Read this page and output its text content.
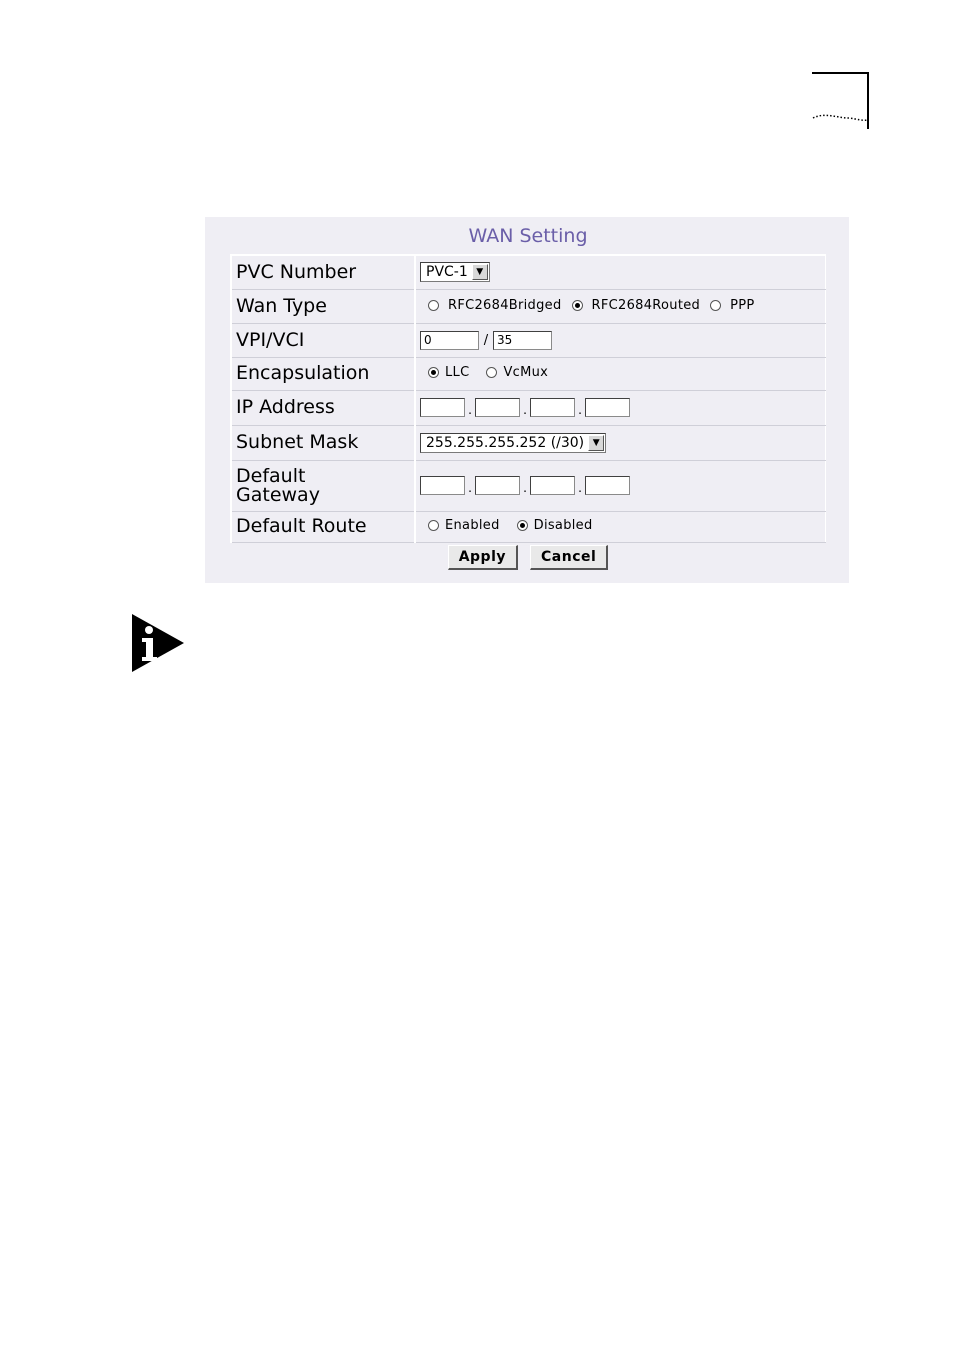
WAN Setting
PVC Number	PVC-1 ▼

Wan Type	RFC2684Bridged RFC2684Routed PPP

VPI/VCI	0 / 35
Encapsulation	LLC VcMux

IP Address	. . .
Subnet Mask	255.255.255.252 (/30) ▼

Default
Gateway	. . .
Default Route	Enabled Disabled
Apply	Cancel
